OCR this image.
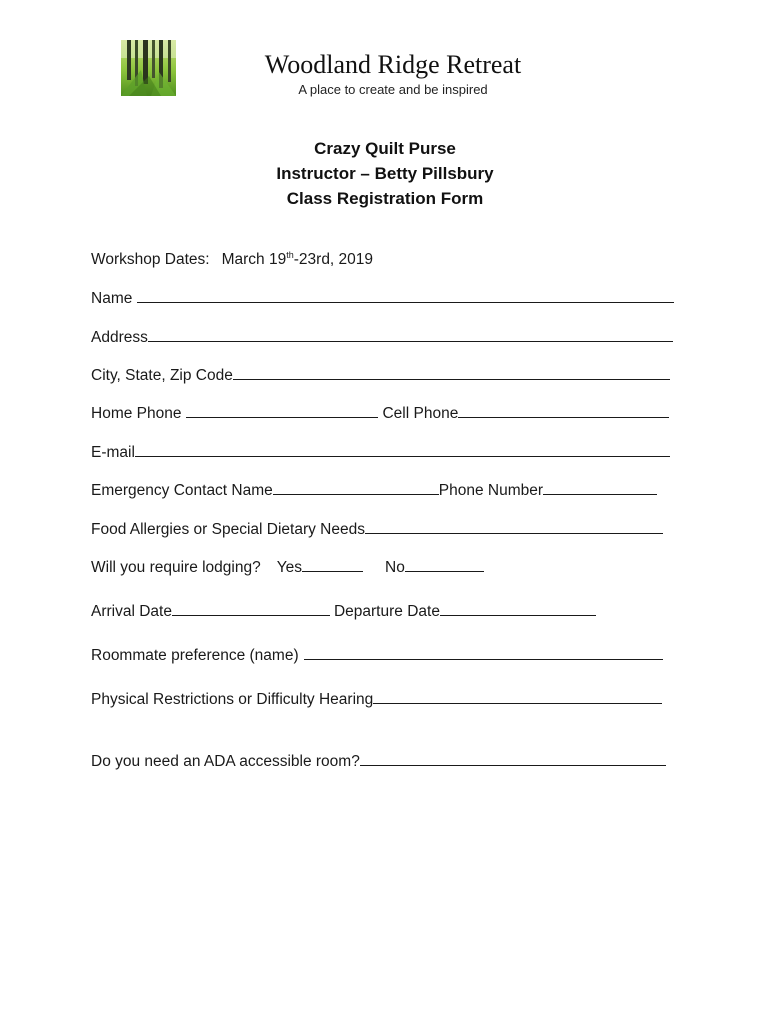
Woodland Ridge Retreat
A place to create and be inspired
Crazy Quilt Purse
Instructor – Betty Pillsbury
Class Registration Form
Workshop Dates: March 19th-23rd, 2019
Name
Address
City, State, Zip Code
Home Phone	Cell Phone
E-mail
Emergency Contact Name	Phone Number
Food Allergies or Special Dietary Needs
Will you require lodging? Yes	No
Arrival Date	Departure Date
Roommate preference (name)
Physical Restrictions or Difficulty Hearing
Do you need an ADA accessible room?
